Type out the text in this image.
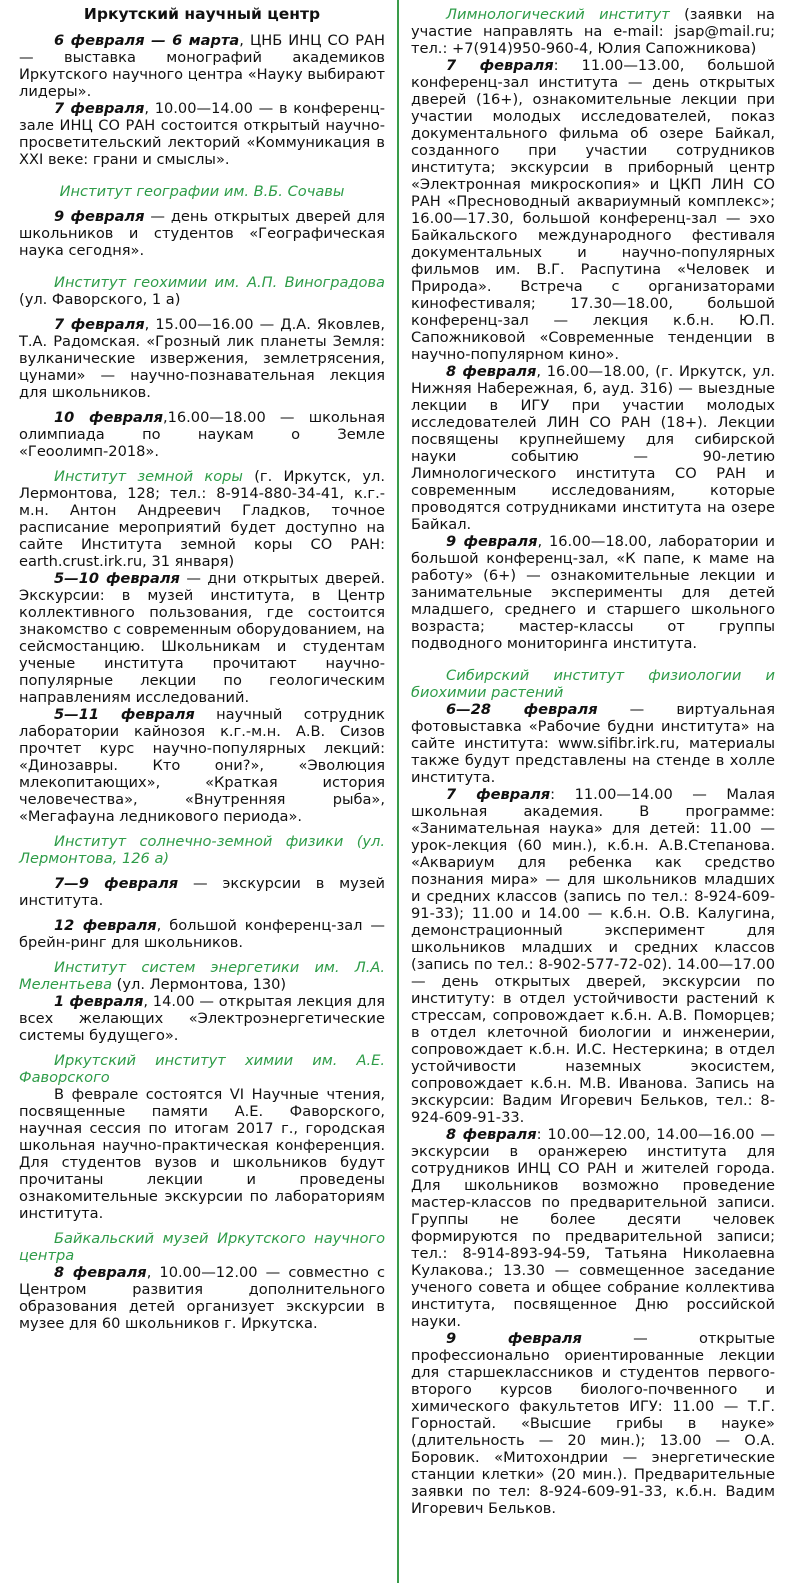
Иркутский научный центр

6 февраля — 6 марта, ЦНБ ИНЦ СО РАН — выставка монографий академиков Иркутского научного центра «Науку выбирают лидеры».

7 февраля, 10.00—14.00 — в конференц-зале ИНЦ СО РАН состоится открытый научно-просветительский лекторий «Коммуникация в XXI веке: грани и смыслы».

Институт географии им. В.Б. Сочавы

9 февраля — день открытых дверей для школьников и студентов «Географическая наука сегодня».

Институт геохимии им. А.П. Виноградова (ул. Фаворского, 1 а)

7 февраля, 15.00—16.00 — Д.А. Яковлев, Т.А. Радомская. «Грозный лик планеты Земля: вулканические извержения, землетрясения, цунами» — научно-познавательная лекция для школьников.

10 февраля,16.00—18.00 — школьная олимпиада по наукам о Земле «Геоолимп-2018».

Институт земной коры (г. Иркутск, ул. Лермонтова, 128; тел.: 8-914-880-34-41, к.г.-м.н. Антон Андреевич Гладков, точное расписание мероприятий будет доступно на сайте Института земной коры СО РАН: earth.crust.irk.ru, 31 января)

5—10 февраля — дни открытых дверей. Экскурсии: в музей института, в Центр коллективного пользования, где состоится знакомство с современным оборудованием, на сейсмостанцию. Школьникам и студентам ученые института прочитают научно-популярные лекции по геологическим направлениям исследований.

5—11 февраля научный сотрудник лаборатории кайнозоя к.г.-м.н. А.В. Сизов прочтет курс научно-популярных лекций: «Динозавры. Кто они?», «Эволюция млекопитающих», «Краткая история человечества», «Внутренняя рыба», «Мегафауна ледникового периода».

Институт солнечно-земной физики (ул. Лермонтова, 126 а)

7—9 февраля — экскурсии в музей института.

12 февраля, большой конференц-зал — брейн-ринг для школьников.

Институт систем энергетики им. Л.А. Мелентьева (ул. Лермонтова, 130)

1 февраля, 14.00 — открытая лекция для всех желающих «Электроэнергетические системы будущего».

Иркутский институт химии им. А.Е. Фаворского

В феврале состоятся VI Научные чтения, посвященные памяти А.Е. Фаворского, научная сессия по итогам 2017 г., городская школьная научно-практическая конференция. Для студентов вузов и школьников будут прочитаны лекции и проведены ознакомительные экскурсии по лабораториям института.

Байкальский музей Иркутского научного центра

8 февраля, 10.00—12.00 — совместно с Центром развития дополнительного образования детей организует экскурсии в музее для 60 школьников г. Иркутска.

Лимнологический институт (заявки на участие направлять на e-mail: jsap@mail.ru; тел.: +7(914)950-960-4, Юлия Сапожникова)

7 февраля: 11.00—13.00, большой конференц-зал института — день открытых дверей (16+), ознакомительные лекции при участии молодых исследователей, показ документального фильма об озере Байкал, созданного при участии сотрудников института; экскурсии в приборный центр «Электронная микроскопия» и ЦКП ЛИН СО РАН «Пресноводный аквариумный комплекс»; 16.00—17.30, большой конференц-зал — эхо Байкальского международного фестиваля документальных и научно-популярных фильмов им. В.Г. Распутина «Человек и Природа». Встреча с организаторами кинофестиваля; 17.30—18.00, большой конференц-зал — лекция к.б.н. Ю.П. Сапожниковой «Современные тенденции в научно-популярном кино».

8 февраля, 16.00—18.00, (г. Иркутск, ул. Нижняя Набережная, 6, ауд. 316) — выездные лекции в ИГУ при участии молодых исследователей ЛИН СО РАН (18+). Лекции посвящены крупнейшему для сибирской науки событию — 90-летию Лимнологического института СО РАН и современным исследованиям, которые проводятся сотрудниками института на озере Байкал.

9 февраля, 16.00—18.00, лаборатории и большой конференц-зал, «К папе, к маме на работу» (6+) — ознакомительные лекции и занимательные эксперименты для детей младшего, среднего и старшего школьного возраста; мастер-классы от группы подводного мониторинга института.

Сибирский институт физиологии и биохимии растений

6—28 февраля — виртуальная фотовыставка «Рабочие будни института» на сайте института: www.sifibr.irk.ru, материалы также будут представлены на стенде в холле института.

7 февраля: 11.00—14.00 — Малая школьная академия. В программе: «Занимательная наука» для детей: 11.00 — урок-лекция (60 мин.), к.б.н. А.В.Степанова. «Аквариум для ребенка как средство познания мира» — для школьников младших и средних классов (запись по тел.: 8-924-609-91-33); 11.00 и 14.00 — к.б.н. О.В. Калугина, демонстрационный эксперимент для школьников младших и средних классов (запись по тел.: 8-902-577-72-02). 14.00—17.00 — день открытых дверей, экскурсии по институту: в отдел устойчивости растений к стрессам, сопровождает к.б.н. А.В. Поморцев; в отдел клеточной биологии и инженерии, сопровождает к.б.н. И.С. Нестеркина; в отдел устойчивости наземных экосистем, сопровождает к.б.н. М.В. Иванова. Запись на экскурсии: Вадим Игоревич Бельков, тел.: 8-924-609-91-33.

8 февраля: 10.00—12.00, 14.00—16.00 — экскурсии в оранжерею института для сотрудников ИНЦ СО РАН и жителей города. Для школьников возможно проведение мастер-классов по предварительной записи. Группы не более десяти человек формируются по предварительной записи; тел.: 8-914-893-94-59, Татьяна Николаевна Кулакова.; 13.30 — совмещенное заседание ученого совета и общее собрание коллектива института, посвященное Дню российской науки.

9 февраля — открытые профессионально ориентированные лекции для старшеклассников и студентов первого-второго курсов биолого-почвенного и химического факультетов ИГУ: 11.00 — Т.Г. Горностай. «Высшие грибы в науке» (длительность — 20 мин.); 13.00 — О.А. Боровик. «Митохондрии — энергетические станции клетки» (20 мин.). Предварительные заявки по тел: 8-924-609-91-33, к.б.н. Вадим Игоревич Бельков.
